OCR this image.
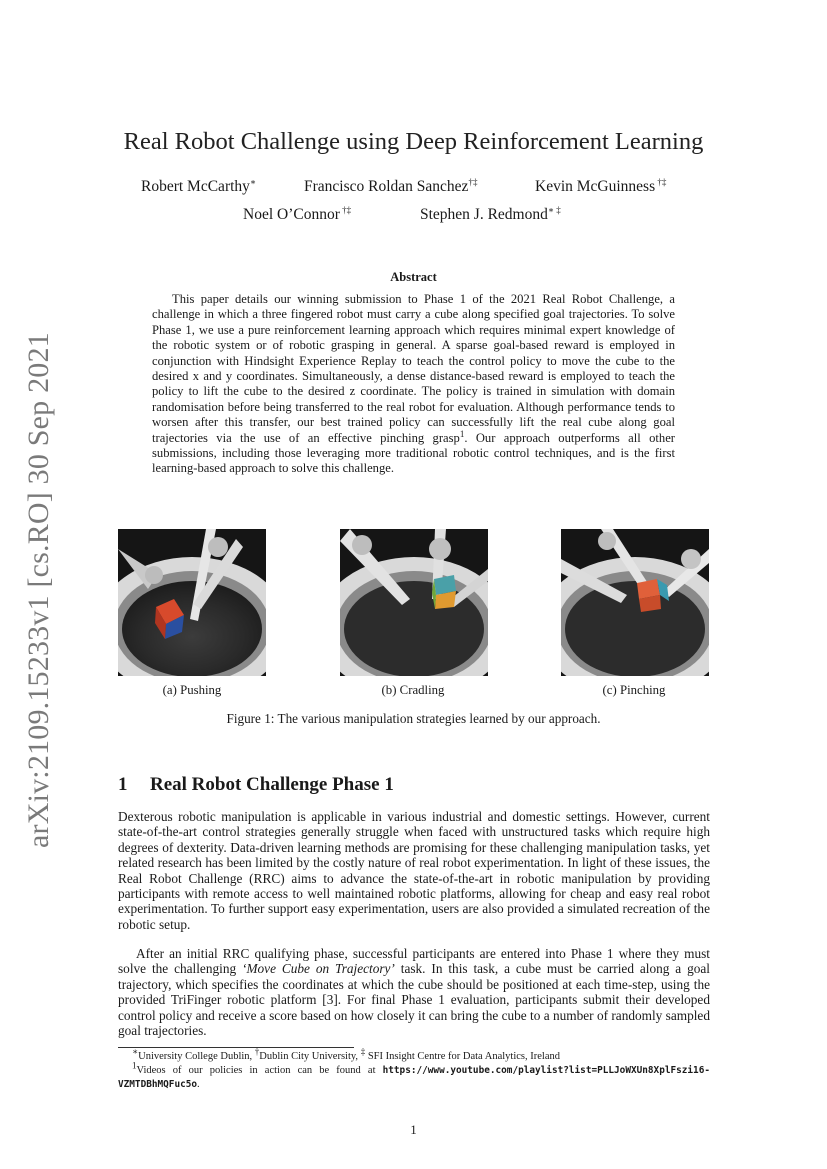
arXiv:2109.15233v1 [cs.RO] 30 Sep 2021
Real Robot Challenge using Deep Reinforcement Learning
Robert McCarthy∗	Francisco Roldan Sanchez†‡	Kevin McGuinness †‡
Noel O’Connor †‡	Stephen J. Redmond∗ ‡
Abstract

This paper details our winning submission to Phase 1 of the 2021 Real Robot Challenge, a challenge in which a three fingered robot must carry a cube along specified goal trajectories. To solve Phase 1, we use a pure reinforcement learning approach which requires minimal expert knowledge of the robotic system or of robotic grasping in general. A sparse goal-based reward is employed in conjunction with Hindsight Experience Replay to teach the control policy to move the cube to the desired x and y coordinates. Simultaneously, a dense distance-based reward is employed to teach the policy to lift the cube to the desired z coordinate. The policy is trained in simulation with domain randomisation before being transferred to the real robot for evaluation. Although performance tends to worsen after this transfer, our best trained policy can successfully lift the real cube along goal trajectories via the use of an effective pinching grasp$^1$. Our approach outperforms all other submissions, including those leveraging more traditional robotic control techniques, and is the first learning-based approach to solve this challenge.

(a) Pushing	(b) Cradling	(c) Pinching
Figure 1: The various manipulation strategies learned by our approach.
1 Real Robot Challenge Phase 1

Dexterous robotic manipulation is applicable in various industrial and domestic settings. However, current state-of-the-art control strategies generally struggle when faced with unstructured tasks which require high degrees of dexterity. Data-driven learning methods are promising for these challenging manipulation tasks, yet related research has been limited by the costly nature of real robot experimentation. In light of these issues, the Real Robot Challenge (RRC) aims to advance the state-of-the-art in robotic manipulation by providing participants with remote access to well maintained robotic platforms, allowing for cheap and easy real robot experimentation. To further support easy experimentation, users are also provided a simulated recreation of the robotic setup.

After an initial RRC qualifying phase, successful participants are entered into Phase 1 where they must solve the challenging ‘Move Cube on Trajectory’ task. In this task, a cube must be carried along a goal trajectory, which specifies the coordinates at which the cube should be positioned at each time-step, using the provided TriFinger robotic platform [3]. For final Phase 1 evaluation, participants submit their developed control policy and receive a score based on how closely it can bring the cube to a number of randomly sampled goal trajectories.

∗University College Dublin, †Dublin City University, ‡ SFI Insight Centre for Data Analytics, Ireland

$^1$Videos of our policies in action can be found at https://www.youtube.com/playlist?list=PLLJoWXUn8XplFszi16-VZMTDBhMQFuc5o.

1
